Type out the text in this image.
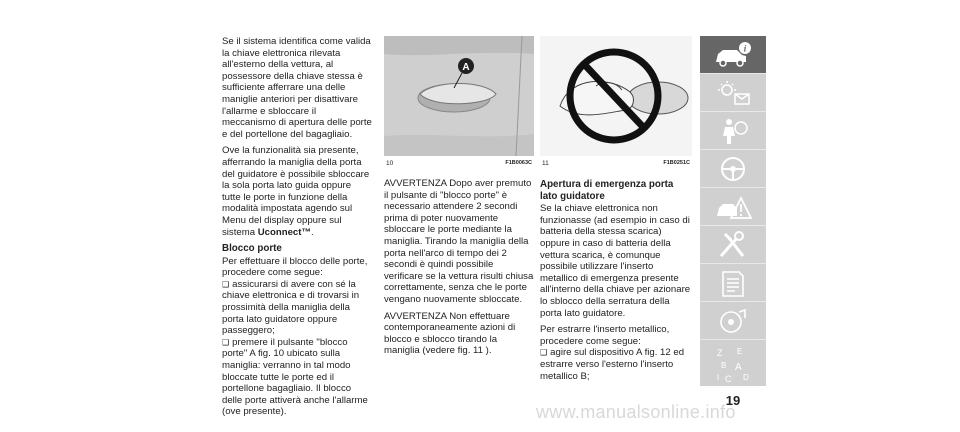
Se il sistema identifica come valida la chiave elettronica rilevata all'esterno della vettura, al possessore della chiave stessa è sufficiente afferrare una delle maniglie anteriori per disattivare l'allarme e sbloccare il meccanismo di apertura delle porte e del portellone del bagagliaio.

Ove la funzionalità sia presente, afferrando la maniglia della porta del guidatore è possibile sbloccare la sola porta lato guida oppure tutte le porte in funzione della modalità impostata agendo sul Menu del display oppure sul sistema Uconnect™.

Blocco porte
Per effettuare il blocco delle porte, procedere come segue:
❑ assicurarsi di avere con sé la chiave elettronica e di trovarsi in prossimità della maniglia della porta lato guidatore oppure passeggero;
❑ premere il pulsante "blocco porte" A fig. 10 ubicato sulla maniglia: verranno in tal modo bloccate tutte le porte ed il portellone bagagliaio. Il blocco delle porte attiverà anche l'allarme (ove presente).
A
10	F1B0063C

AVVERTENZA Dopo aver premuto il pulsante di "blocco porte" è necessario attendere 2 secondi prima di poter nuovamente sbloccare le porte mediante la maniglia. Tirando la maniglia della porta nell'arco di tempo dei 2 secondi è quindi possibile verificare se la vettura risulti chiusa correttamente, senza che le porte vengano nuovamente sbloccate.

AVVERTENZA Non effettuare contemporaneamente azioni di blocco e sblocco tirando la maniglia (vedere fig. 11 ).

11	F1B0251C
Apertura di emergenza porta lato guidatore

Se la chiave elettronica non funzionasse (ad esempio in caso di batteria della stessa scarica) oppure in caso di batteria della vettura scarica, è comunque possibile utilizzare l'inserto metallico di emergenza presente all'interno della chiave per azionare lo sblocco della serratura della porta lato guidatore.

Per estrarre l'inserto metallico, procedere come segue:
❑ agire sul dispositivo A fig. 12 ed estrarre verso l'esterno l'inserto metallico B;
i
Z E
B A
I C D
19
www.manualsonline.info
